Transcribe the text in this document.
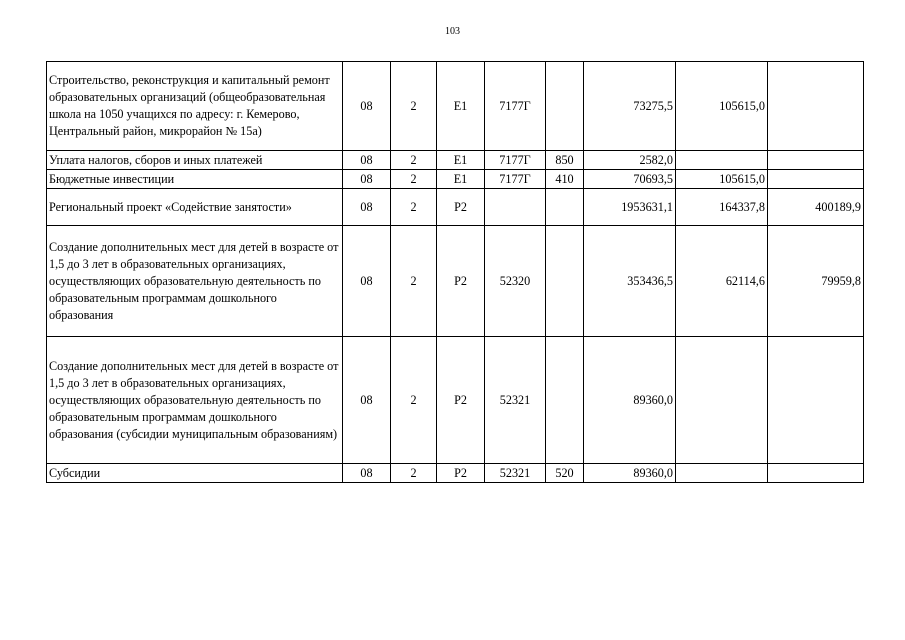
103
Строительство, реконструкция и капитальный ремонт образовательных организаций (общеобразовательная школа на 1050 учащихся по адресу: г. Кемерово, Центральный район, микрорайон № 15а)	08	2	E1	7177Г		73275,5	105615,0	
Уплата налогов, сборов и иных платежей	08	2	E1	7177Г	850	2582,0		
Бюджетные инвестиции	08	2	E1	7177Г	410	70693,5	105615,0	
Региональный проект «Содействие занятости»	08	2	P2			1953631,1	164337,8	400189,9
Создание дополнительных мест для детей в возрасте от 1,5 до 3 лет в образовательных организациях, осуществляющих образовательную деятельность по образовательным программам дошкольного образования	08	2	P2	52320		353436,5	62114,6	79959,8
Создание дополнительных мест для детей в возрасте от 1,5 до 3 лет в образовательных организациях, осуществляющих образовательную деятельность по образовательным программам дошкольного образования (субсидии муниципальным образованиям)	08	2	P2	52321		89360,0		
Субсидии	08	2	P2	52321	520	89360,0		
